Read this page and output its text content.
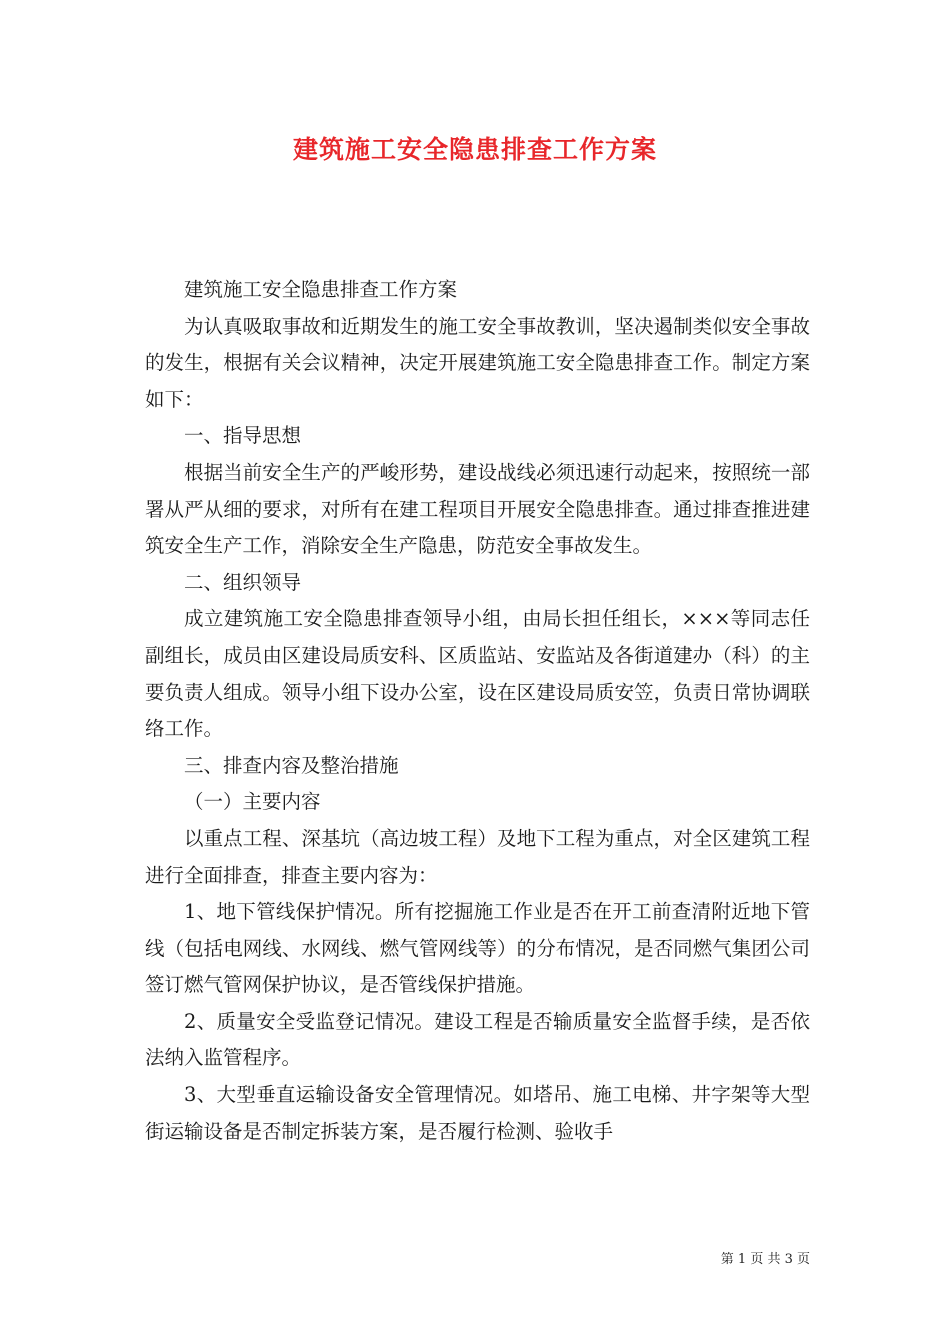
建筑施工安全隐患排查工作方案

建筑施工安全隐患排查工作方案

为认真吸取事故和近期发生的施工安全事故教训，坚决遏制类似安全事故的发生，根据有关会议精神，决定开展建筑施工安全隐患排查工作。制定方案如下：

一、指导思想

根据当前安全生产的严峻形势，建设战线必须迅速行动起来，按照统一部署从严从细的要求，对所有在建工程项目开展安全隐患排查。通过排查推进建筑安全生产工作，消除安全生产隐患，防范安全事故发生。

二、组织领导

成立建筑施工安全隐患排查领导小组，由局长担任组长，×××等同志任副组长，成员由区建设局质安科、区质监站、安监站及各街道建办（科）的主要负责人组成。领导小组下设办公室，设在区建设局质安笠，负责日常协调联络工作。

三、排查内容及整治措施

（一）主要内容

以重点工程、深基坑（高边坡工程）及地下工程为重点，对全区建筑工程进行全面排查，排查主要内容为：

1、地下管线保护情况。所有挖掘施工作业是否在开工前查清附近地下管线（包括电网线、水网线、燃气管网线等）的分布情况，是否同燃气集团公司签订燃气管网保护协议，是否管线保护措施。

2、质量安全受监登记情况。建设工程是否输质量安全监督手续，是否依法纳入监管程序。

3、大型垂直运输设备安全管理情况。如塔吊、施工电梯、井字架等大型街运输设备是否制定拆装方案，是否履行检测、验收手

第 1 页 共 3 页
